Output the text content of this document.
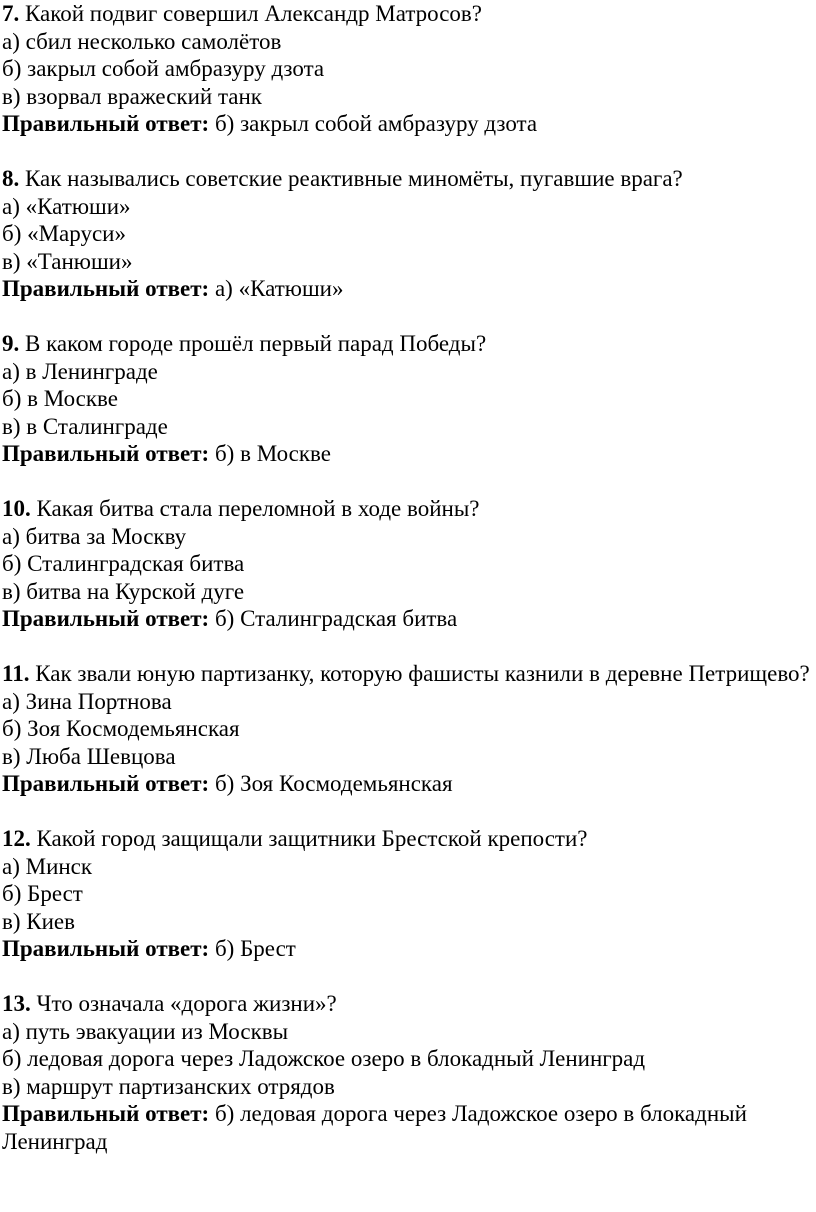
7. Какой подвиг совершил Александр Матросов?
а) сбил несколько самолётов
б) закрыл собой амбразуру дзота
в) взорвал вражеский танк
Правильный ответ: б) закрыл собой амбразуру дзота
8. Как назывались советские реактивные миномёты, пугавшие врага?
а) «Катюши»
б) «Маруси»
в) «Танюши»
Правильный ответ: а) «Катюши»
9. В каком городе прошёл первый парад Победы?
а) в Ленинграде
б) в Москве
в) в Сталинграде
Правильный ответ: б) в Москве
10. Какая битва стала переломной в ходе войны?
а) битва за Москву
б) Сталинградская битва
в) битва на Курской дуге
Правильный ответ: б) Сталинградская битва
11. Как звали юную партизанку, которую фашисты казнили в деревне Петрищево?
а) Зина Портнова
б) Зоя Космодемьянская
в) Люба Шевцова
Правильный ответ: б) Зоя Космодемьянская
12. Какой город защищали защитники Брестской крепости?
а) Минск
б) Брест
в) Киев
Правильный ответ: б) Брест
13. Что означала «дорога жизни»?
а) путь эвакуации из Москвы
б) ледовая дорога через Ладожское озеро в блокадный Ленинград
в) маршрут партизанских отрядов
Правильный ответ: б) ледовая дорога через Ладожское озеро в блокадный Ленинград
